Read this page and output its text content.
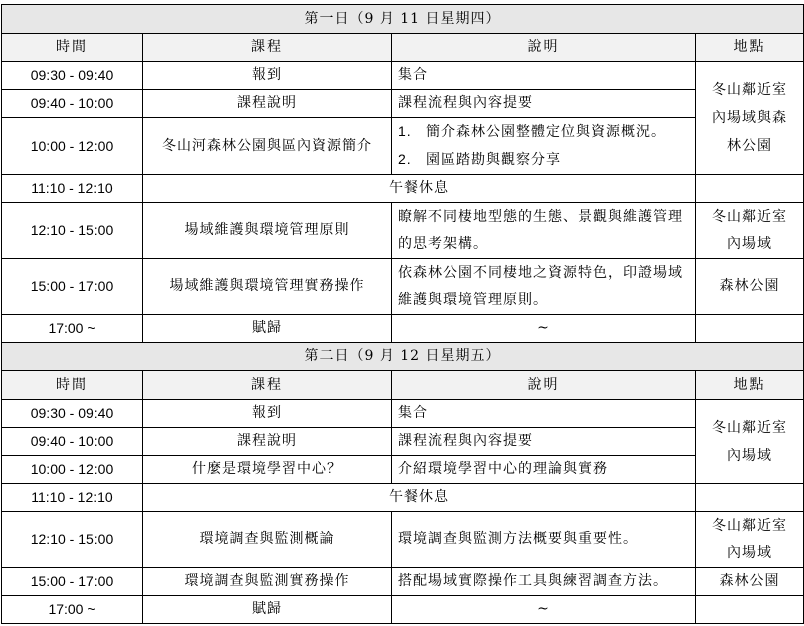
第一日（9 月 11 日星期四）			
時間	課程	說明	地點
09:30 - 09:40	報到	集合	冬山鄰近室內場域與森林公園

09:40 - 10:00	課程說明	課程流程與內容提要	
10:00 - 12:00	冬山河森林公園與區內資源簡介	1. 簡介森林公園整體定位與資源概況。
2. 園區踏勘與觀察分享	

11:10 - 12:10	午餐休息		
12:10 - 15:00	場域維護與環境管理原則	瞭解不同棲地型態的生態、景觀與維護管理的思考架構。	冬山鄰近室內場域

15:00 - 17:00	場域維護與環境管理實務操作	依森林公園不同棲地之資源特色，印證場域維護與環境管理原則。	森林公園
17:00 ~	賦歸	~	
第二日（9 月 12 日星期五）			
時間	課程	說明	地點
09:30 - 09:40	報到	集合	冬山鄰近室內場域

09:40 - 10:00	課程說明	課程流程與內容提要	
10:00 - 12:00	什麼是環境學習中心？	介紹環境學習中心的理論與實務	
11:10 - 12:10	午餐休息		
12:10 - 15:00	環境調查與監測概論	環境調查與監測方法概要與重要性。	冬山鄰近室內場域

15:00 - 17:00	環境調查與監測實務操作	搭配場域實際操作工具與練習調查方法。	森林公園
17:00 ~	賦歸	~	
